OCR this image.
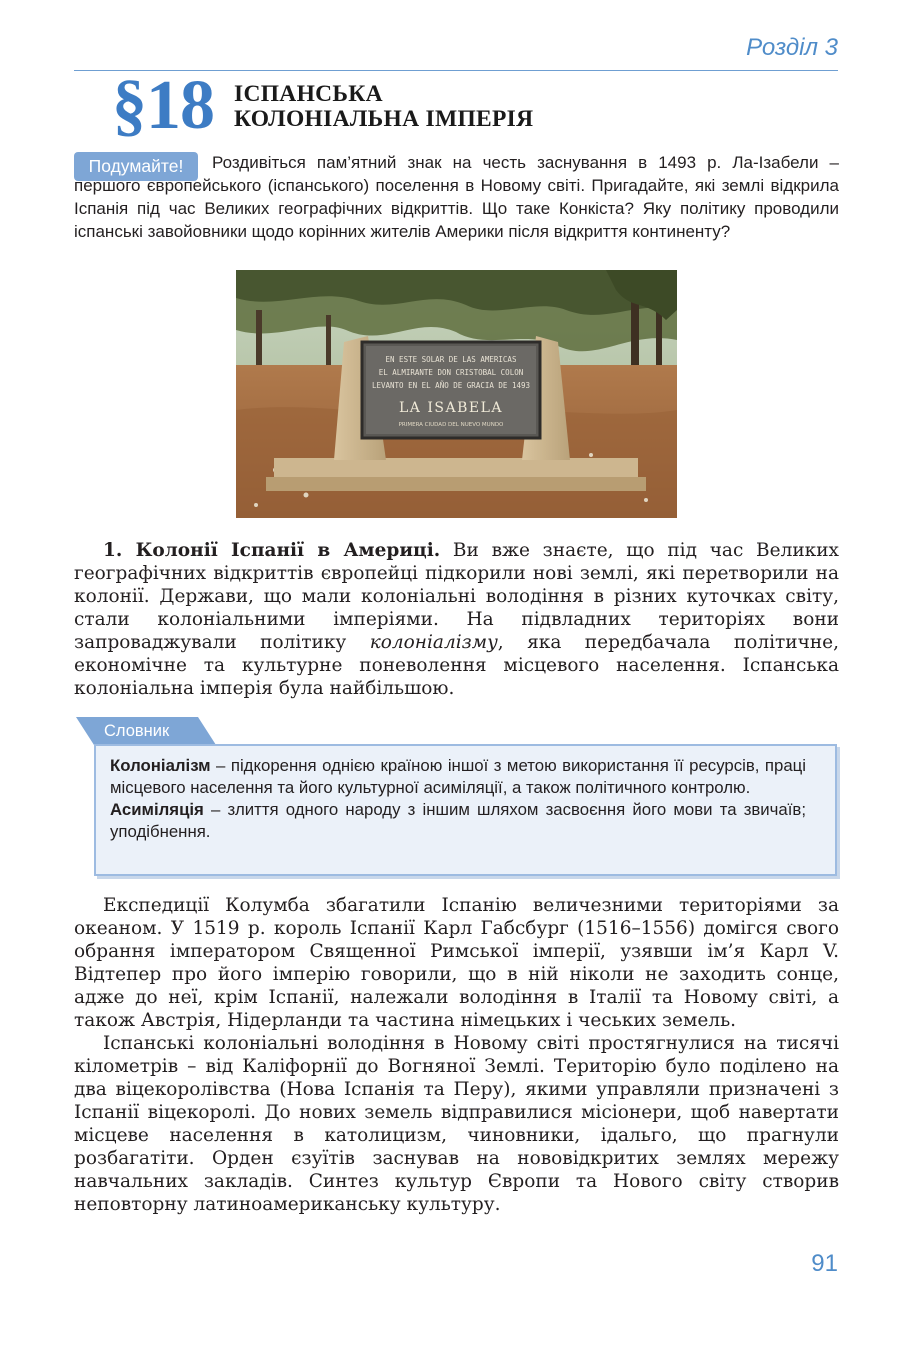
Розділ 3
§18 ІСПАНСЬКА
КОЛОНІАЛЬНА ІМПЕРІЯ
Подумайте!	Роздивіться пам’ятний знак на честь заснування в 1493 р. Ла-Ізабели – першого європейського (іспанського) поселення в Новому світі. Пригадайте, які землі відкрила Іспанія під час Великих географічних відкриттів. Що таке Конкіста? Яку політику проводили іспанські завойовники щодо корінних жителів Америки після відкриття континенту?
EN ESTE SOLAR DE LAS AMERICAS
EL ALMIRANTE DON CRISTOBAL COLON
LEVANTO EN EL AÑO DE GRACIA DE 1493
LA ISABELA
PRIMERA CIUDAD DEL NUEVO MUNDO

1. Колонії Іспанії в Америці. Ви вже знаєте, що під час Великих географічних відкриттів європейці підкорили нові землі, які перетворили на колонії. Держави, що мали колоніальні володіння в різних куточках світу, стали колоніальними імперіями. На підвладних територіях вони запроваджували політику колоніалізму, яка передбачала політичне, економічне та культурне поневолення місцевого населення. Іспанська колоніальна імперія була найбільшою.

Словник

Колоніалізм – підкорення однією країною іншої з метою використання її ресурсів, праці місцевого населення та його культурної асиміляції, а також політичного контролю.

Асиміляція – злиття одного народу з іншим шляхом засвоєння його мови та звичаїв; уподібнення.

Експедиції Колумба збагатили Іспанію величезними територіями за океаном. У 1519 р. король Іспанії Карл Габсбург (1516–1556) домігся свого обрання імператором Священної Римської імперії, узявши ім’я Карл V. Відтепер про його імперію говорили, що в ній ніколи не заходить сонце, адже до неї, крім Іспанії, належали володіння в Італії та Новому світі, а також Австрія, Нідерланди та частина німецьких і чеських земель.

Іспанські колоніальні володіння в Новому світі простягнулися на тисячі кілометрів – від Каліфорнії до Вогняної Землі. Територію було поділено на два віцекоролівства (Нова Іспанія та Перу), якими управляли призначені з Іспанії віцекоролі. До нових земель відправилися місіонери, щоб навертати місцеве населення в католицизм, чиновники, ідальго, що прагнули розбагатіти. Орден єзуїтів заснував на нововідкритих землях мережу навчальних закладів. Синтез культур Європи та Нового світу створив неповторну латиноамериканську культуру.

91
